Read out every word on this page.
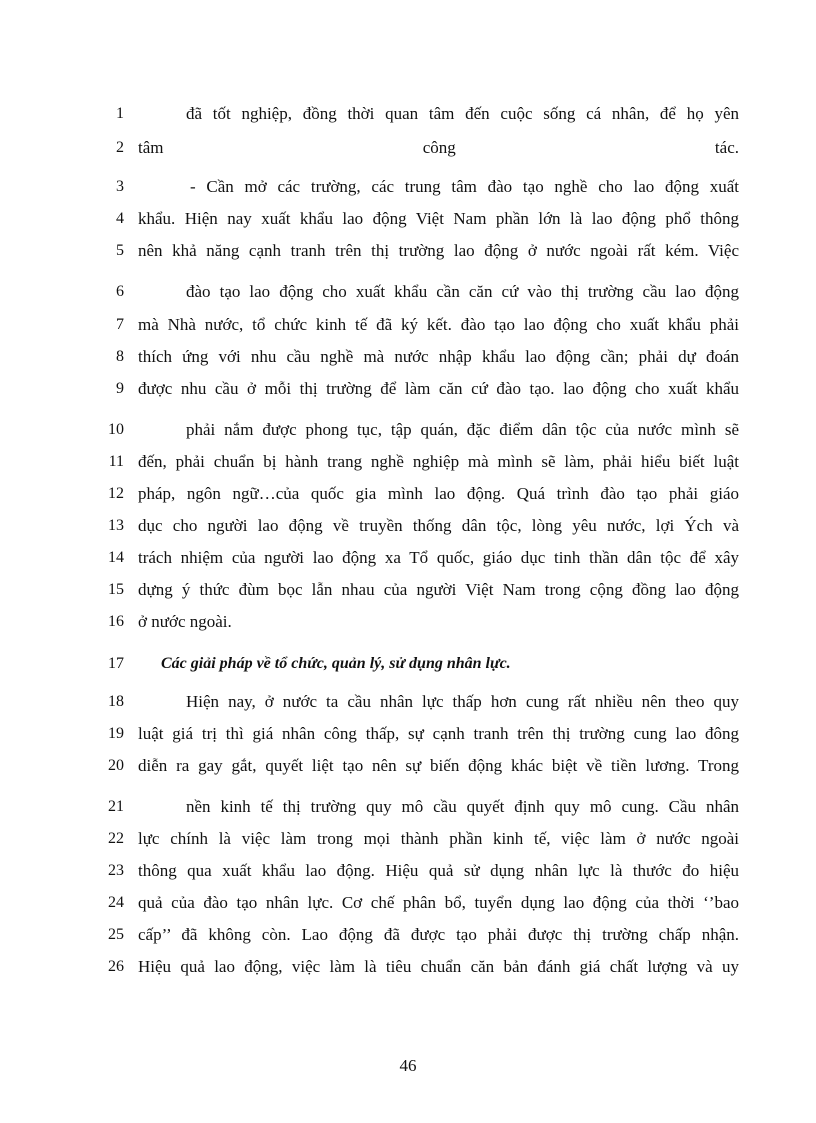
1	đã tốt nghiệp, đồng thời quan tâm đến cuộc sống cá nhân, để họ yên
2 tâm	công	tác.
3	- Cần mở các trường, các trung tâm đào tạo nghề cho lao động xuất
4 khẩu. Hiện nay xuất khẩu lao động Việt Nam phần lớn là lao động phổ thông
5 nên khả năng cạnh tranh trên thị trường lao động ở nước ngoài rất kém. Việc
6	đào tạo lao động cho xuất khẩu cần căn cứ vào thị trường cầu lao động
7 mà Nhà nước, tổ chức kinh tế đã ký kết. đào tạo lao động cho xuất khẩu phải
8 thích ứng với nhu cầu nghề mà nước nhập khẩu lao động cần; phải dự đoán
9 được nhu cầu ở mỗi thị trường để làm căn cứ đào tạo. lao động cho xuất khẩu
10	phải nắm được phong tục, tập quán, đặc điểm dân tộc của nước mình sẽ
11 đến, phải chuẩn bị hành trang nghề nghiệp mà mình sẽ làm, phải hiểu biết luật
12 pháp, ngôn ngữ…của quốc gia mình lao động. Quá trình đào tạo phải giáo
13 dục cho người lao động về truyền thống dân tộc, lòng yêu nước, lợi Ých và
14 trách nhiệm của người lao động xa Tổ quốc, giáo dục tinh thần dân tộc để xây
15 dựng ý thức đùm bọc lẫn nhau của người Việt Nam trong cộng đồng lao động
16 ở nước ngoài.
17 Các giải pháp về tổ chức, quản lý, sử dụng nhân lực.
18	Hiện nay, ở nước ta cầu nhân lực thấp hơn cung rất nhiều nên theo quy
19 luật giá trị thì giá nhân công thấp, sự cạnh tranh trên thị trường cung lao đông
20 diễn ra gay gắt, quyết liệt tạo nên sự biến động khác biệt về tiền lương. Trong
21	nền kinh tế thị trường quy mô cầu quyết định quy mô cung. Cầu nhân
22 lực chính là việc làm trong mọi thành phần kinh tế, việc làm ở nước ngoài
23 thông qua xuất khẩu lao động. Hiệu quả sử dụng nhân lực là thước đo hiệu
24 quả của đào tạo nhân lực. Cơ chế phân bổ, tuyển dụng lao động của thời ‘’bao
25 cấp’’ đã không còn. Lao động đã được tạo phải được thị trường chấp nhận.
26 Hiệu quả lao động, việc làm là tiêu chuẩn căn bản đánh giá chất lượng và uy
46
